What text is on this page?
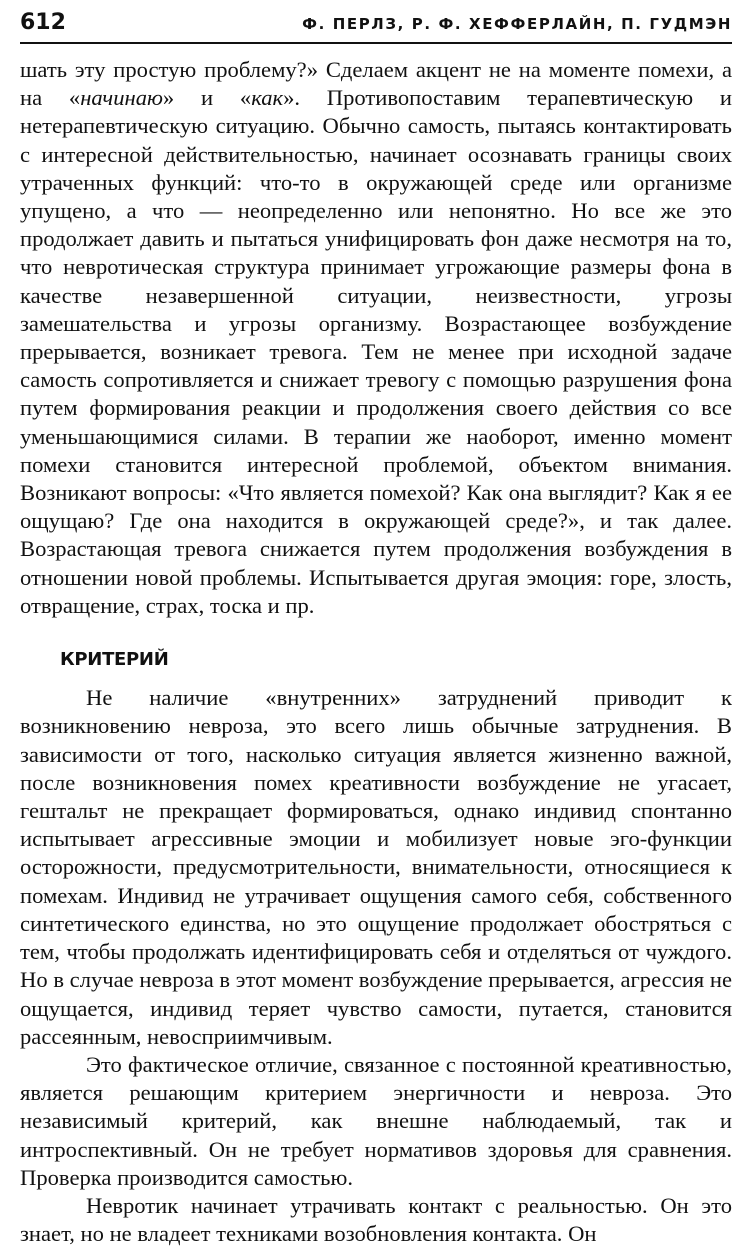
612	Ф. ПЕРЛЗ, Р. Ф. ХЕФФЕРЛАЙН, П. ГУДМЭН

шать эту простую проблему?» Сделаем акцент не на моменте помехи, а на «начинаю» и «как». Противопоставим терапевтическую и нетерапевтическую ситуацию. Обычно самость, пытаясь контактировать с интересной действительностью, начинает осознавать границы своих утраченных функций: что-то в окружающей среде или организме упущено, а что — неопределенно или непонятно. Но все же это продолжает давить и пытаться унифицировать фон даже несмотря на то, что невротическая структура принимает угрожающие размеры фона в качестве незавершенной ситуации, неизвестности, угрозы замешательства и угрозы организму. Возрастающее возбуждение прерывается, возникает тревога. Тем не менее при исходной задаче самость сопротивляется и снижает тревогу с помощью разрушения фона путем формирования реакции и продолжения своего действия со все уменьшающимися силами. В терапии же наоборот, именно момент помехи становится интересной проблемой, объектом внимания. Возникают вопросы: «Что является помехой? Как она выглядит? Как я ее ощущаю? Где она находится в окружающей среде?», и так далее. Возрастающая тревога снижается путем продолжения возбуждения в отношении новой проблемы. Испытывается другая эмоция: горе, злость, отвращение, страх, тоска и пр.

КРИТЕРИЙ

Не наличие «внутренних» затруднений приводит к возникновению невроза, это всего лишь обычные затруднения. В зависимости от того, насколько ситуация является жизненно важной, после возникновения помех креативности возбуждение не угасает, гештальт не прекращает формироваться, однако индивид спонтанно испытывает агрессивные эмоции и мобилизует новые эго-функции осторожности, предусмотрительности, внимательности, относящиеся к помехам. Индивид не утрачивает ощущения самого себя, собственного синтетического единства, но это ощущение продолжает обостряться с тем, чтобы продолжать идентифицировать себя и отделяться от чуждого. Но в случае невроза в этот момент возбуждение прерывается, агрессия не ощущается, индивид теряет чувство самости, путается, становится рассеянным, невосприимчивым.

Это фактическое отличие, связанное с постоянной креативностью, является решающим критерием энергичности и невроза. Это независимый критерий, как внешне наблюдаемый, так и интроспективный. Он не требует нормативов здоровья для сравнения. Проверка производится самостью.

Невротик начинает утрачивать контакт с реальностью. Он это знает, но не владеет техниками возобновления контакта. Он
